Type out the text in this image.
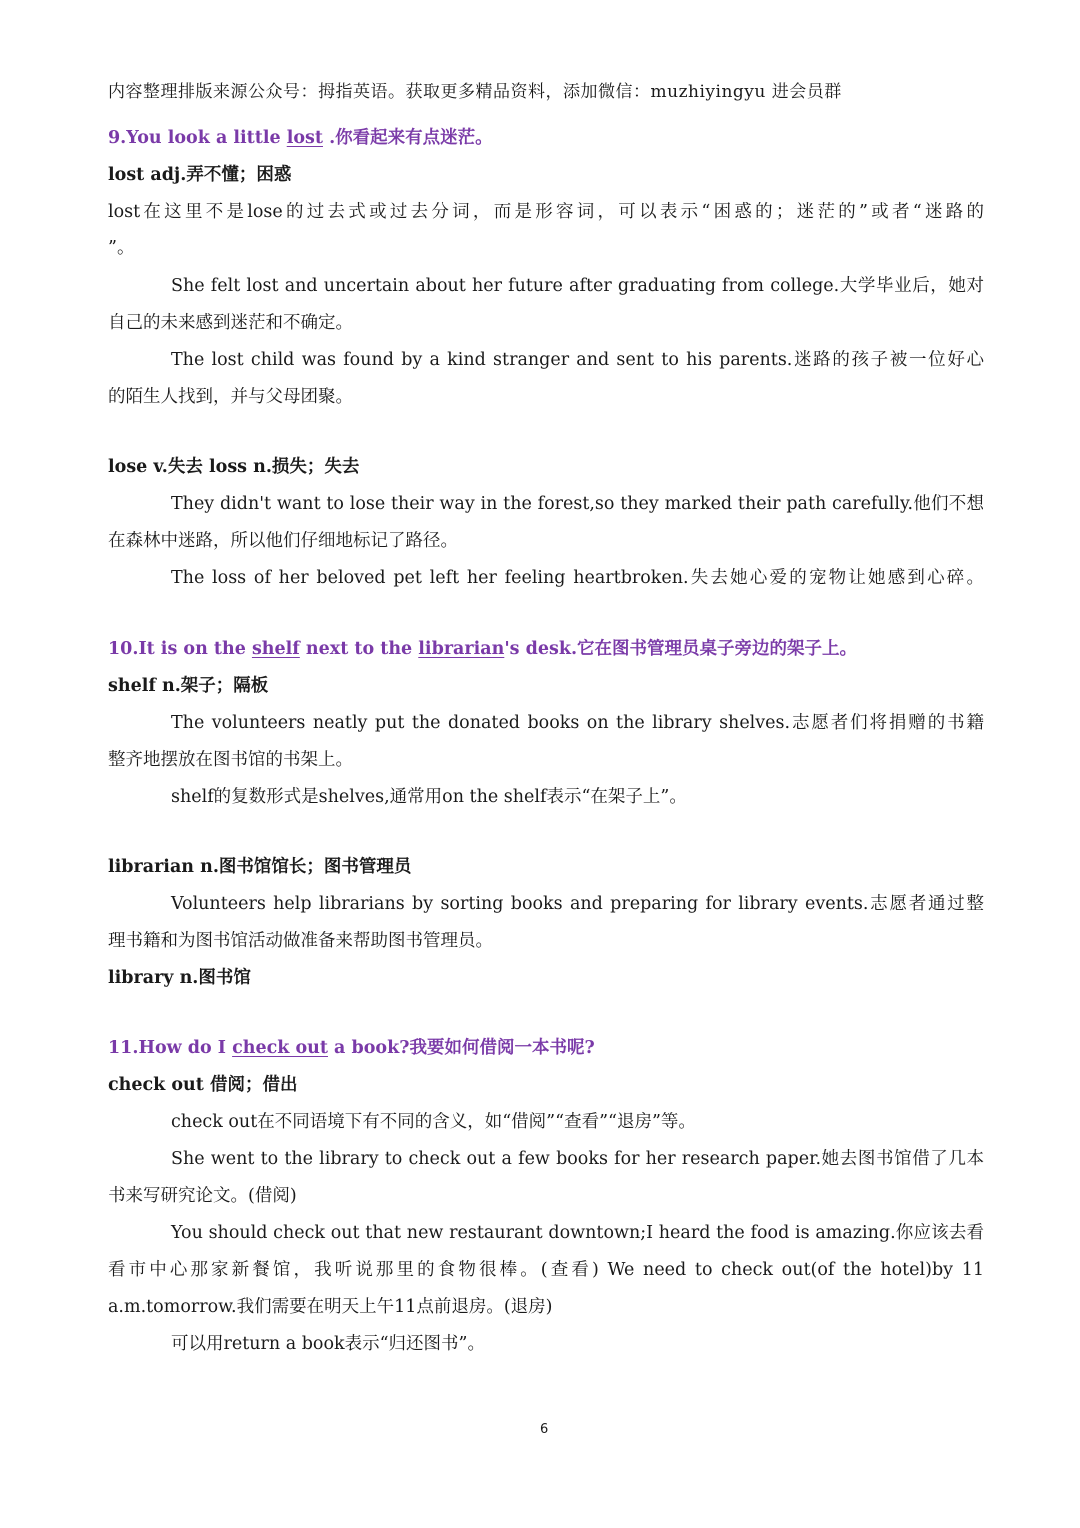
内容整理排版来源公众号：拇指英语。获取更多精品资料，添加微信：muzhiyingyu 进会员群
9.You look a little lost .你看起来有点迷茫。
lost adj.弄不懂；困惑
lost在这里不是lose的过去式或过去分词，而是形容词，可以表示“困惑的；迷茫的”或者“迷路的
”。
She felt lost and uncertain about her future after graduating from college.大学毕业后，她对
自己的未来感到迷茫和不确定。
The lost child was found by a kind stranger and sent to his parents.迷路的孩子被一位好心
的陌生人找到，并与父母团聚。
lose v.失去 loss n.损失；失去
They didn't want to lose their way in the forest,so they marked their path carefully.他们不想
在森林中迷路，所以他们仔细地标记了路径。
The loss of her beloved pet left her feeling heartbroken.失去她心爱的宠物让她感到心碎。
10.It is on the shelf next to the librarian's desk.它在图书管理员桌子旁边的架子上。
shelf n.架子；隔板
The volunteers neatly put the donated books on the library shelves.志愿者们将捐赠的书籍
整齐地摆放在图书馆的书架上。
shelf的复数形式是shelves,通常用on the shelf表示“在架子上”。
librarian n.图书馆馆长；图书管理员
Volunteers help librarians by sorting books and preparing for library events.志愿者通过整
理书籍和为图书馆活动做准备来帮助图书管理员。
library n.图书馆
11.How do I check out a book?我要如何借阅一本书呢?
check out 借阅；借出
check out在不同语境下有不同的含义，如“借阅”“查看”“退房”等。
She went to the library to check out a few books for her research paper.她去图书馆借了几本
书来写研究论文。(借阅)
You should check out that new restaurant downtown;I heard the food is amazing.你应该去看
看市中心那家新餐馆，我听说那里的食物很棒。(查看) We need to check out(of the hotel)by 11
a.m.tomorrow.我们需要在明天上午11点前退房。(退房)
可以用return a book表示“归还图书”。
6
